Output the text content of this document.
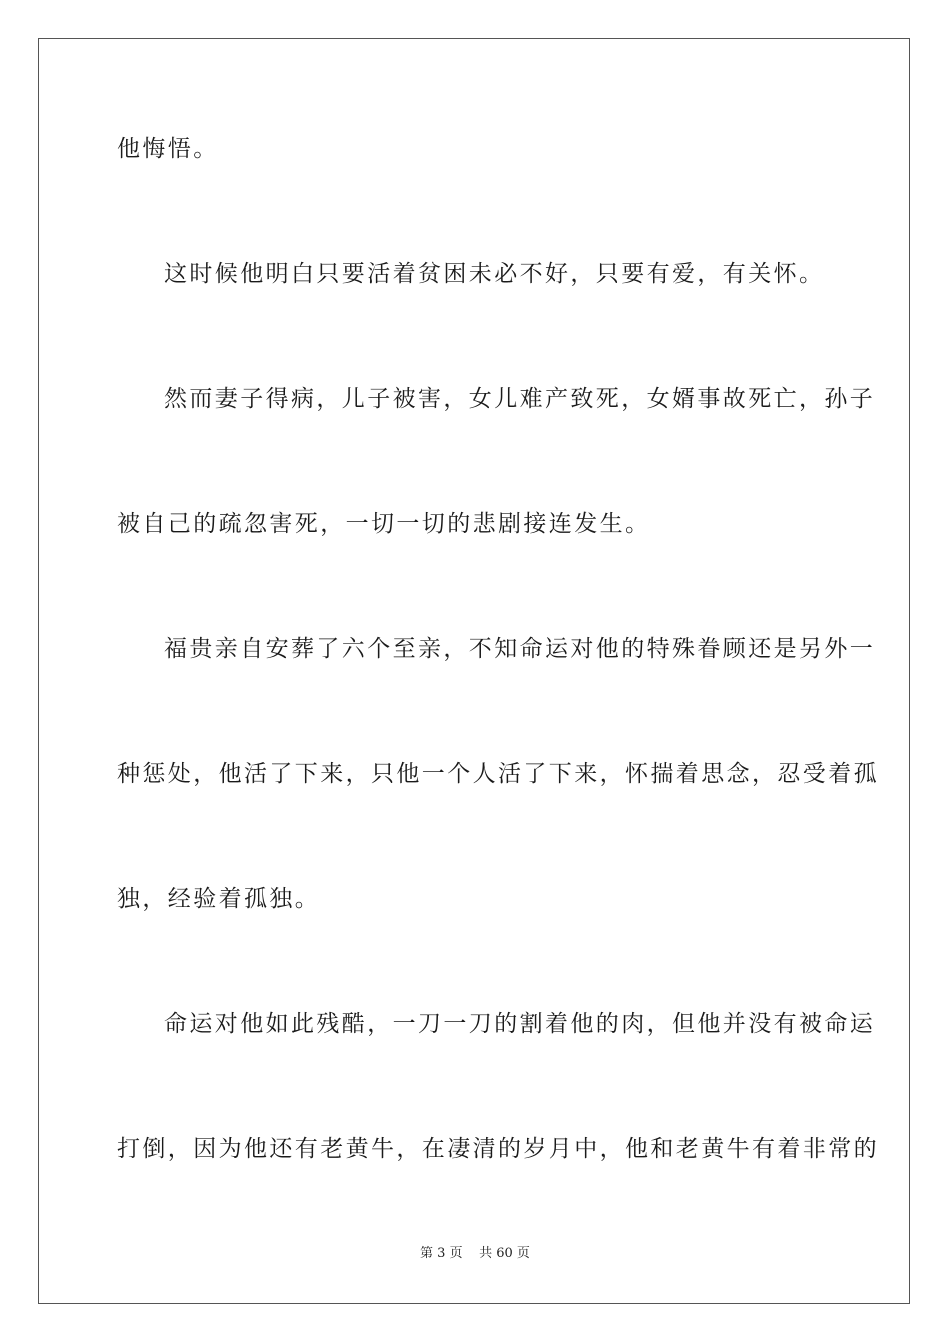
他悔悟。
这时候他明白只要活着贫困未必不好，只要有爱，有关怀。
然而妻子得病，儿子被害，女儿难产致死，女婿事故死亡，孙子
被自己的疏忽害死，一切一切的悲剧接连发生。
福贵亲自安葬了六个至亲，不知命运对他的特殊眷顾还是另外一
种惩处，他活了下来，只他一个人活了下来，怀揣着思念，忍受着孤
独，经验着孤独。
命运对他如此残酷，一刀一刀的割着他的肉，但他并没有被命运
打倒，因为他还有老黄牛，在凄清的岁月中，他和老黄牛有着非常的
第 3 页 共 60 页
